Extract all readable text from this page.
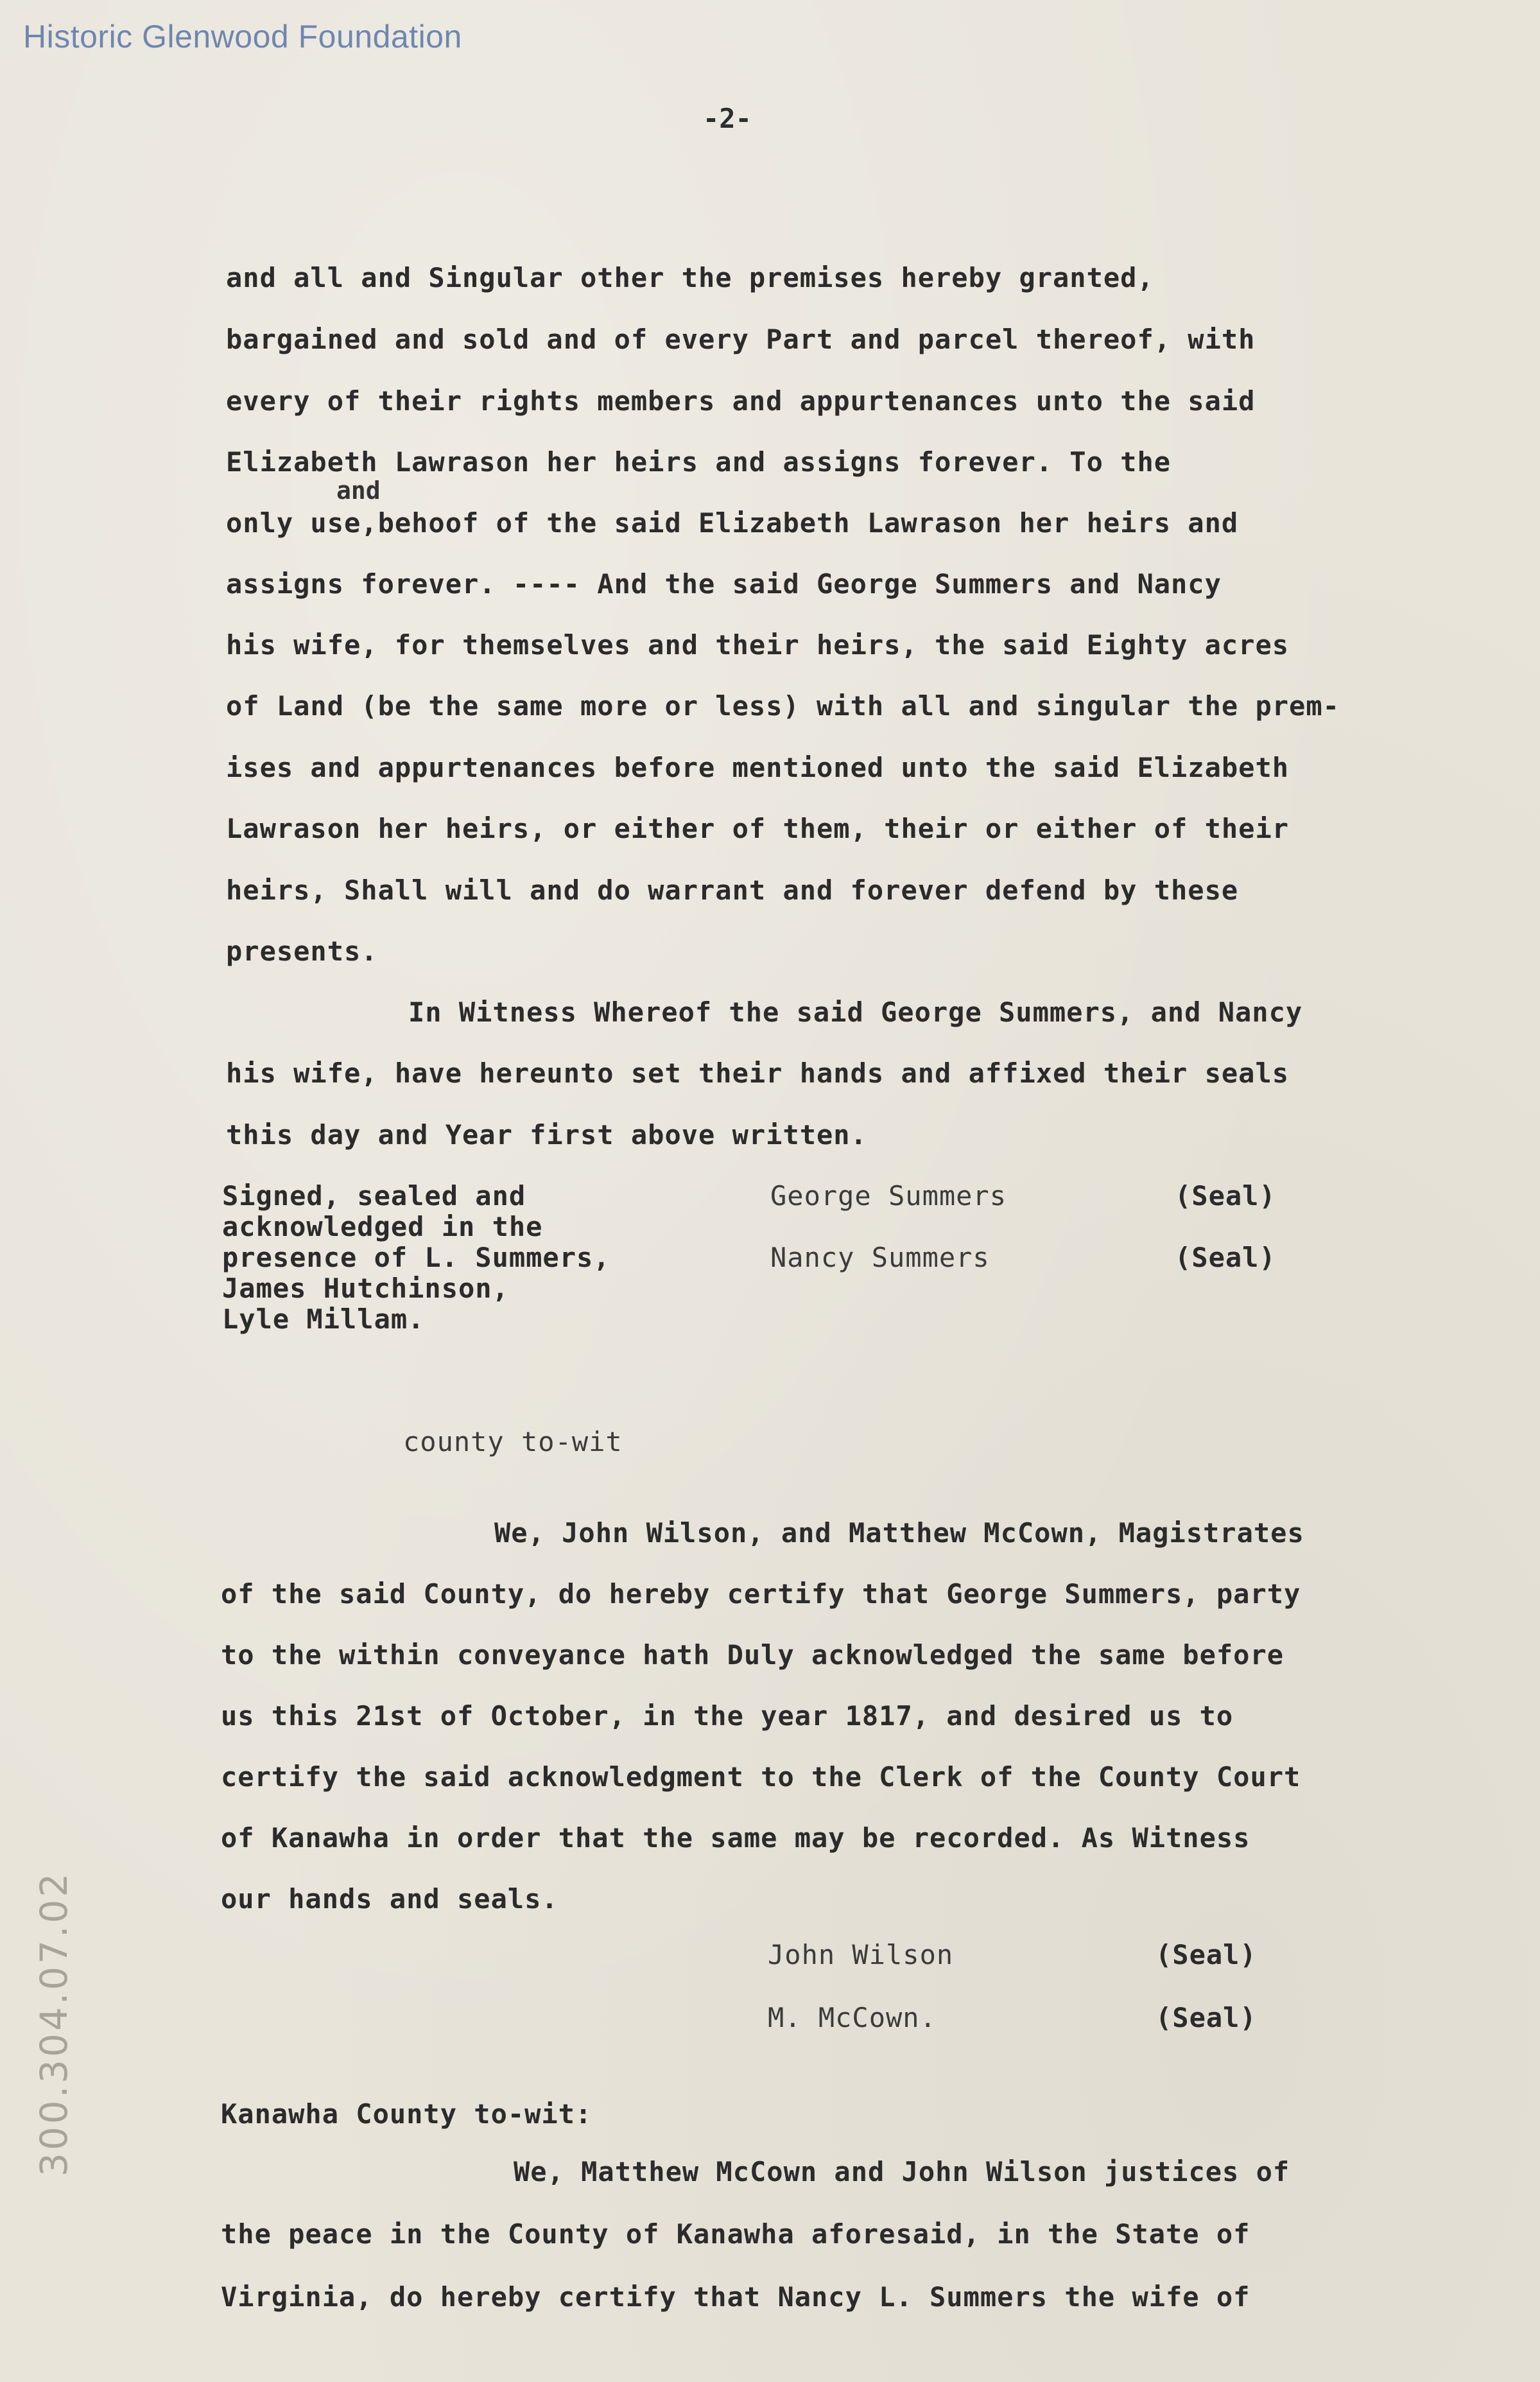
Historic Glenwood Foundation
-2-
300.304.07.02
and all and Singular other the premises hereby granted,
bargained and sold and of every Part and parcel thereof, with
every of their rights members and appurtenances unto the said
Elizabeth Lawrason her heirs and assigns forever. To the
and
only use,behoof of the said Elizabeth Lawrason her heirs and
assigns forever. ---- And the said George Summers and Nancy
his wife, for themselves and their heirs, the said Eighty acres
of Land (be the same more or less) with all and singular the prem-
ises and appurtenances before mentioned unto the said Elizabeth
Lawrason her heirs, or either of them, their or either of their
heirs, Shall will and do warrant and forever defend by these
presents.
In Witness Whereof the said George Summers, and Nancy
his wife, have hereunto set their hands and affixed their seals
this day and Year first above written.
Signed, sealed and
acknowledged in the
presence of L. Summers,
James Hutchinson,
Lyle Millam.
George Summers	(Seal)
Nancy Summers	(Seal)
county to-wit
We, John Wilson, and Matthew McCown, Magistrates
of the said County, do hereby certify that George Summers, party
to the within conveyance hath Duly acknowledged the same before
us this 21st of October, in the year 1817, and desired us to
certify the said acknowledgment to the Clerk of the County Court
of Kanawha in order that the same may be recorded. As Witness
our hands and seals.
John Wilson	(Seal)
M. McCown.	(Seal)
Kanawha County to-wit:
We, Matthew McCown and John Wilson justices of
the peace in the County of Kanawha aforesaid, in the State of
Virginia, do hereby certify that Nancy L. Summers the wife of
